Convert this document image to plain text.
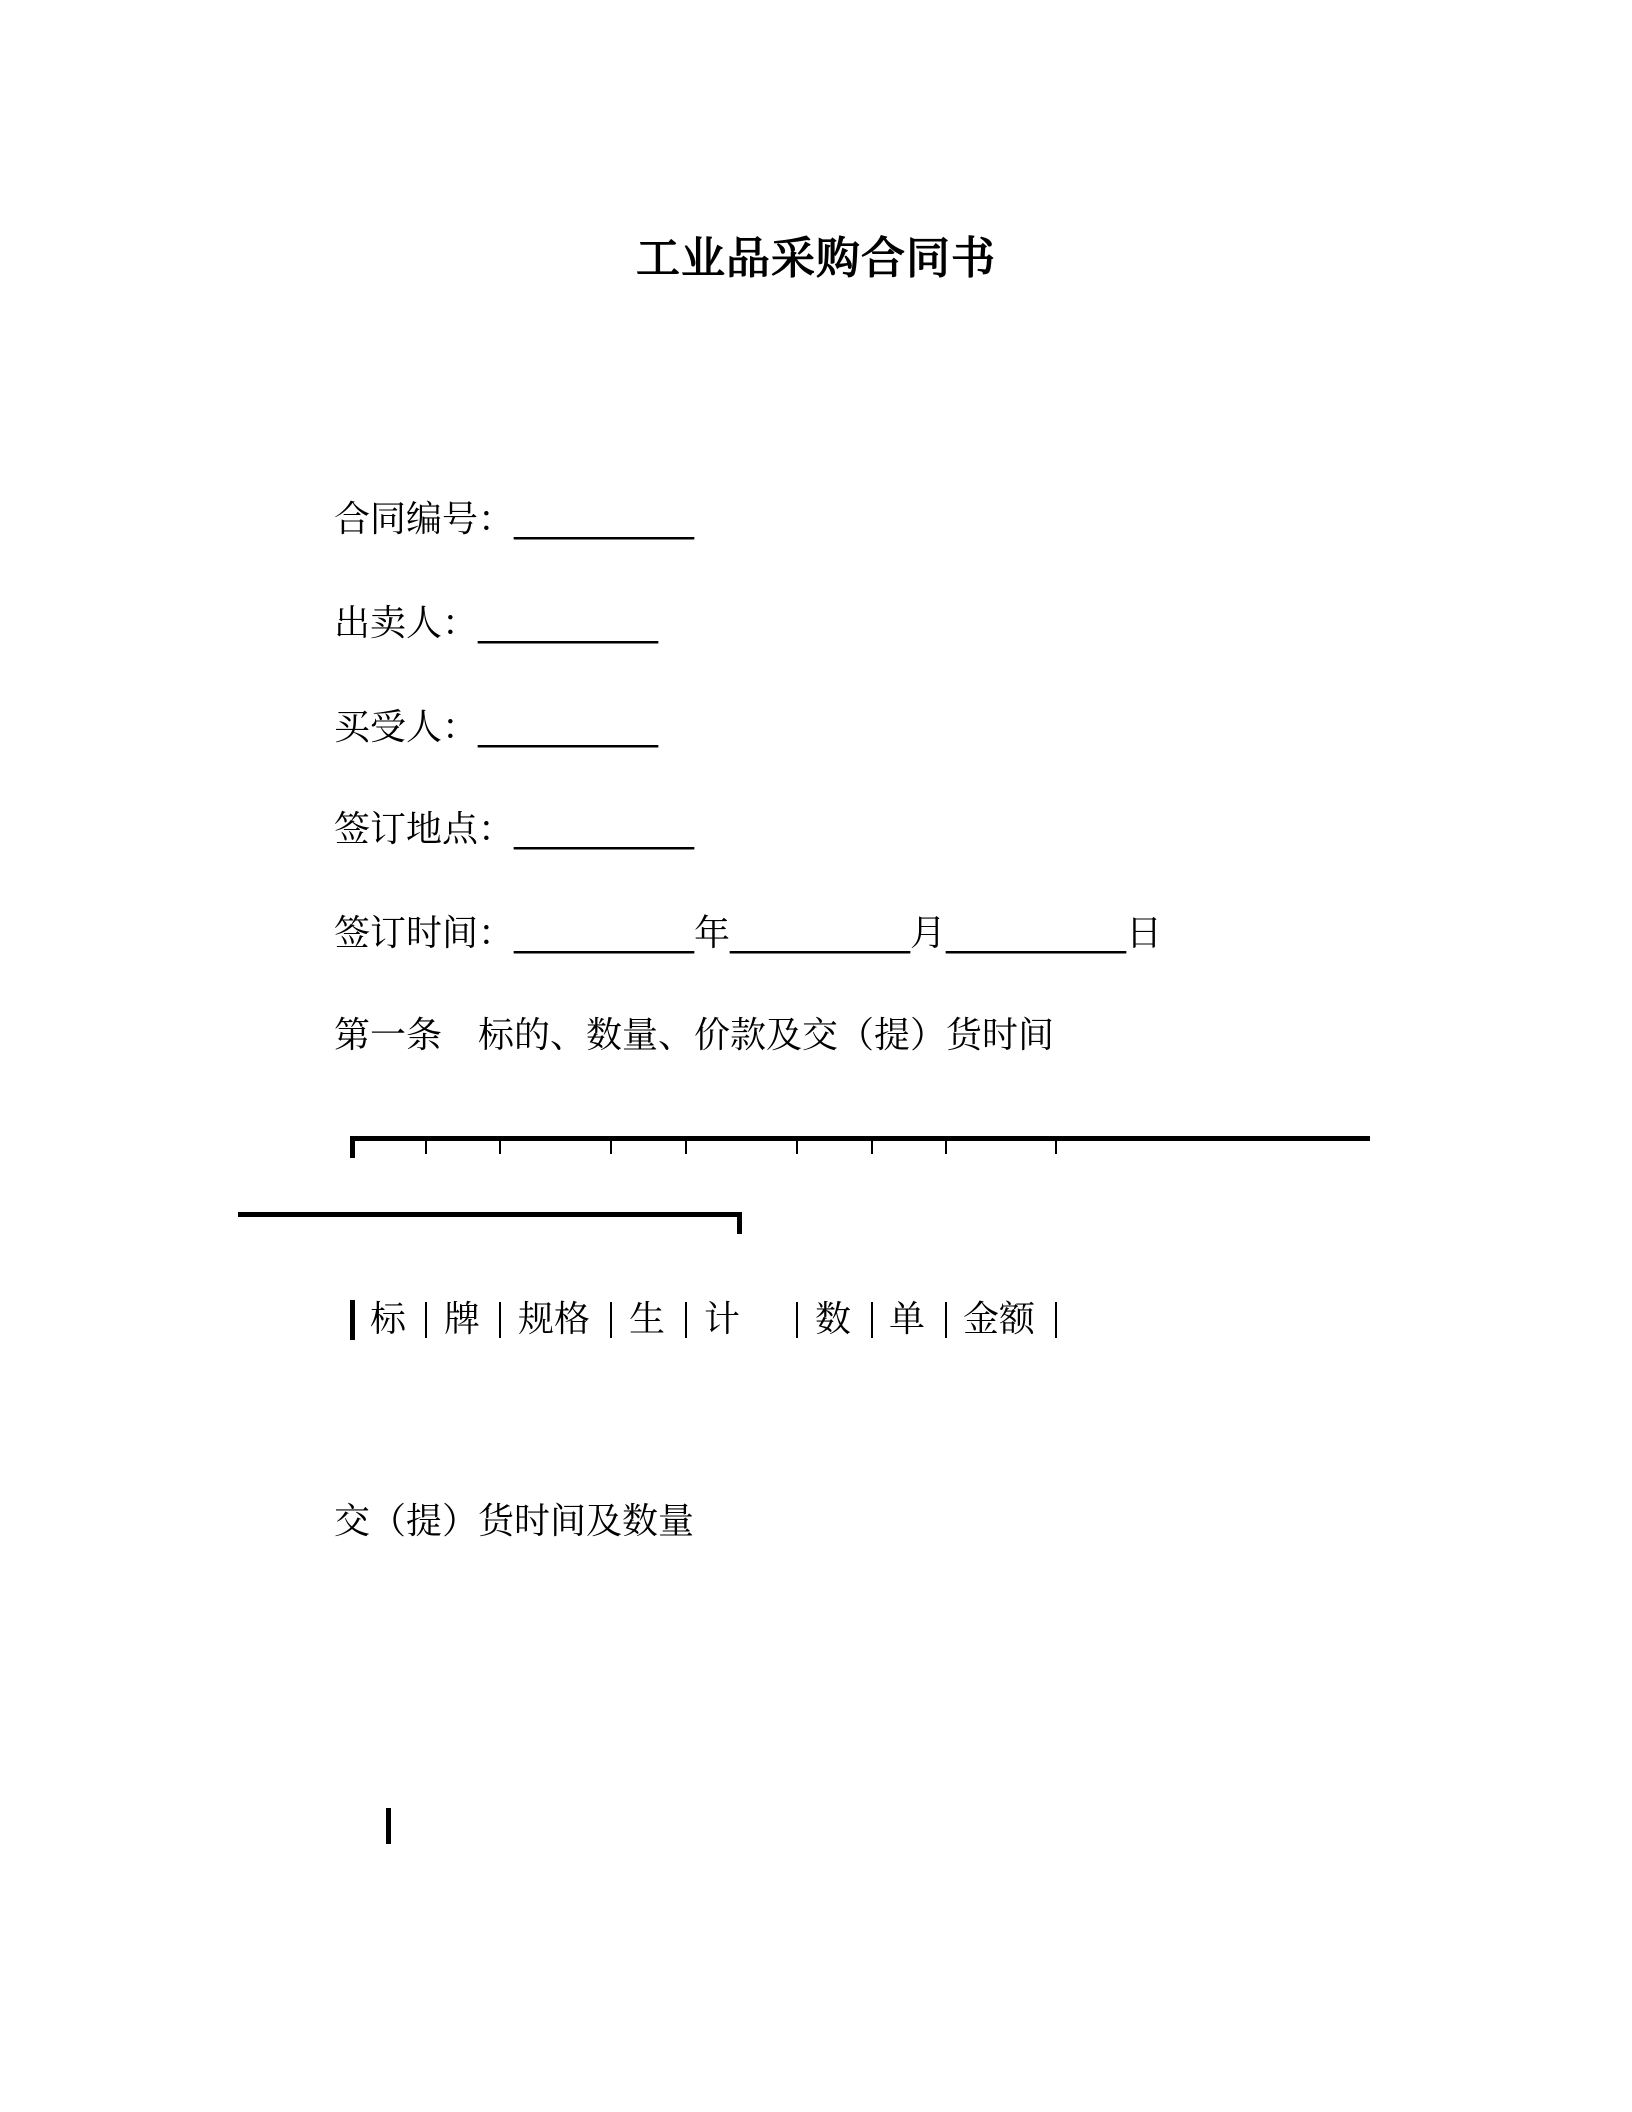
工业品采购合同书
合同编号：__________
出卖人：__________
买受人：__________
签订地点：__________
签订时间：__________年__________月__________日
第一条　标的、数量、价款及交（提）货时间
标 牌 规格 生 计 数 单 金额
交（提）货时间及数量
